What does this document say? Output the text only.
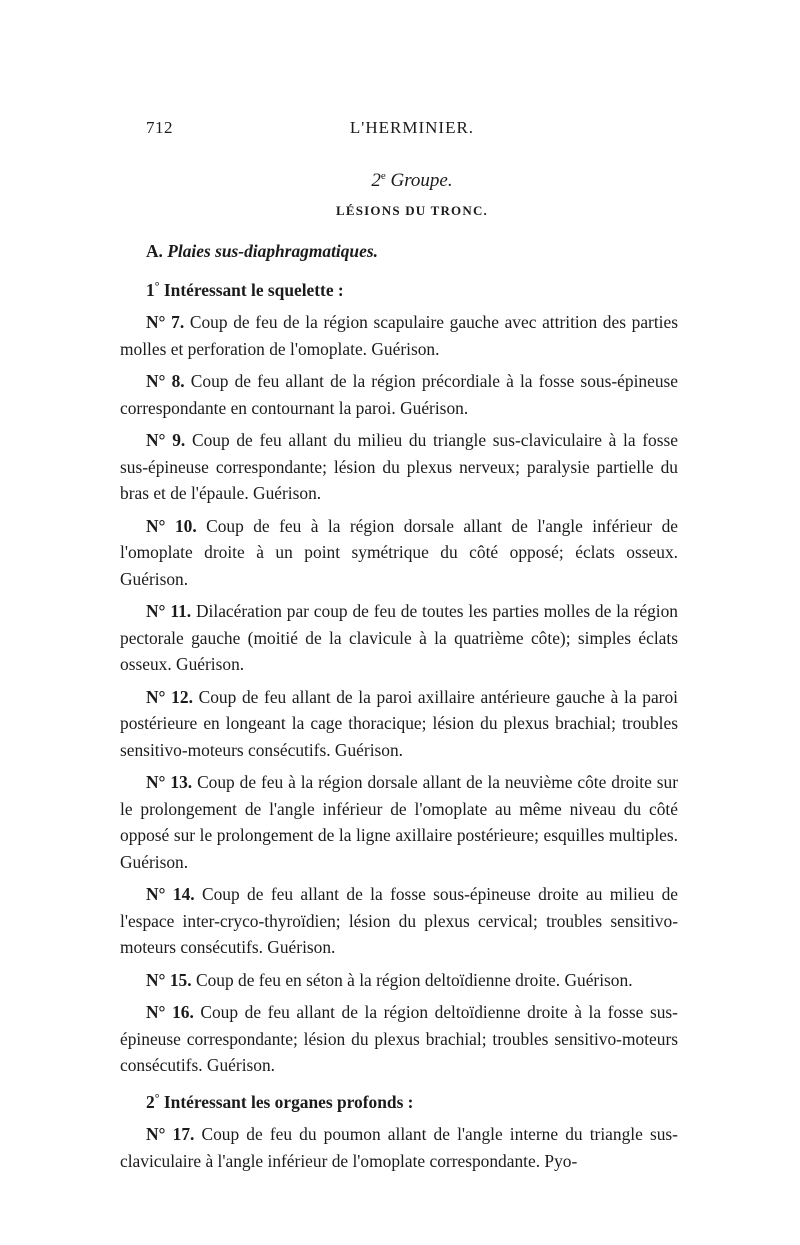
712	L'HERMINIER.
2e Groupe.
LÉSIONS DU TRONC.

A. Plaies sus-diaphragmatiques.

1° Intéressant le squelette :

N° 7. Coup de feu de la région scapulaire gauche avec attrition des parties molles et perforation de l'omoplate. Guérison.

N° 8. Coup de feu allant de la région précordiale à la fosse sous-épineuse correspondante en contournant la paroi. Guérison.

N° 9. Coup de feu allant du milieu du triangle sus-claviculaire à la fosse sus-épineuse correspondante; lésion du plexus nerveux; paralysie partielle du bras et de l'épaule. Guérison.

N° 10. Coup de feu à la région dorsale allant de l'angle inférieur de l'omoplate droite à un point symétrique du côté opposé; éclats osseux. Guérison.

N° 11. Dilacération par coup de feu de toutes les parties molles de la région pectorale gauche (moitié de la clavicule à la quatrième côte); simples éclats osseux. Guérison.

N° 12. Coup de feu allant de la paroi axillaire antérieure gauche à la paroi postérieure en longeant la cage thoracique; lésion du plexus brachial; troubles sensitivo-moteurs consécutifs. Guérison.

N° 13. Coup de feu à la région dorsale allant de la neuvième côte droite sur le prolongement de l'angle inférieur de l'omoplate au même niveau du côté opposé sur le prolongement de la ligne axillaire postérieure; esquilles multiples. Guérison.

N° 14. Coup de feu allant de la fosse sous-épineuse droite au milieu de l'espace inter-cryco-thyroïdien; lésion du plexus cervical; troubles sensitivo-moteurs consécutifs. Guérison.

N° 15. Coup de feu en séton à la région deltoïdienne droite. Guérison.

N° 16. Coup de feu allant de la région deltoïdienne droite à la fosse sus-épineuse correspondante; lésion du plexus brachial; troubles sensitivo-moteurs consécutifs. Guérison.

2° Intéressant les organes profonds :

N° 17. Coup de feu du poumon allant de l'angle interne du triangle sus-claviculaire à l'angle inférieur de l'omoplate correspondante. Pyo-
